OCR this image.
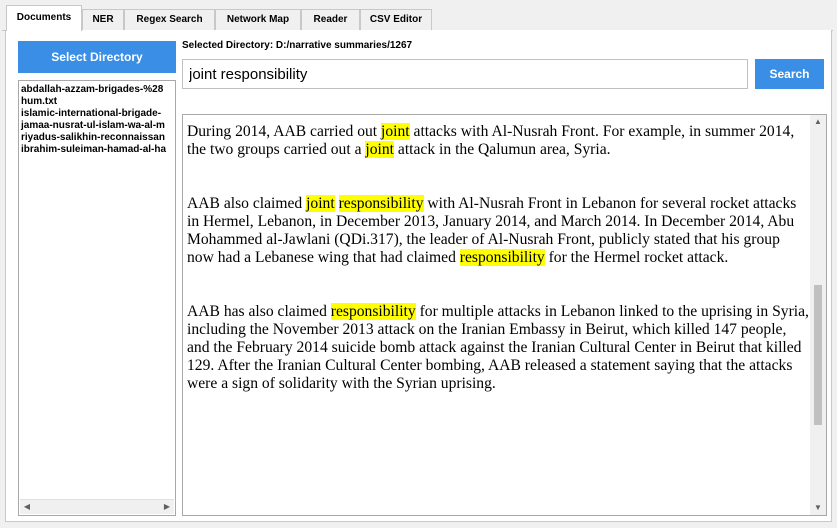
Documents	NER	Regex Search	Network Map	Reader	CSV Editor
Select Directory
abdallah-azzam-brigades-%28
hum.txt
islamic-international-brigade-
jamaa-nusrat-ul-islam-wa-al-m
riyadus-salikhin-reconnaissan
ibrahim-suleiman-hamad-al-ha
◀	▶
Selected Directory: D:/narrative summaries/1267
joint responsibility
Search

During 2014, AAB carried out joint attacks with Al-Nusrah Front. For example, in summer 2014, the two groups carried out a joint attack in the Qalumun area, Syria.

AAB also claimed joint responsibility with Al-Nusrah Front in Lebanon for several rocket attacks in Hermel, Lebanon, in December 2013, January 2014, and March 2014. In December 2014, Abu Mohammed al-Jawlani (QDi.317), the leader of Al-Nusrah Front, publicly stated that his group now had a Lebanese wing that had claimed responsibility for the Hermel rocket attack.

AAB has also claimed responsibility for multiple attacks in Lebanon linked to the uprising in Syria, including the November 2013 attack on the Iranian Embassy in Beirut, which killed 147 people, and the February 2014 suicide bomb attack against the Iranian Cultural Center in Beirut that killed 129. After the Iranian Cultural Center bombing, AAB released a statement saying that the attacks were a sign of solidarity with the Syrian uprising.

▲
▼
